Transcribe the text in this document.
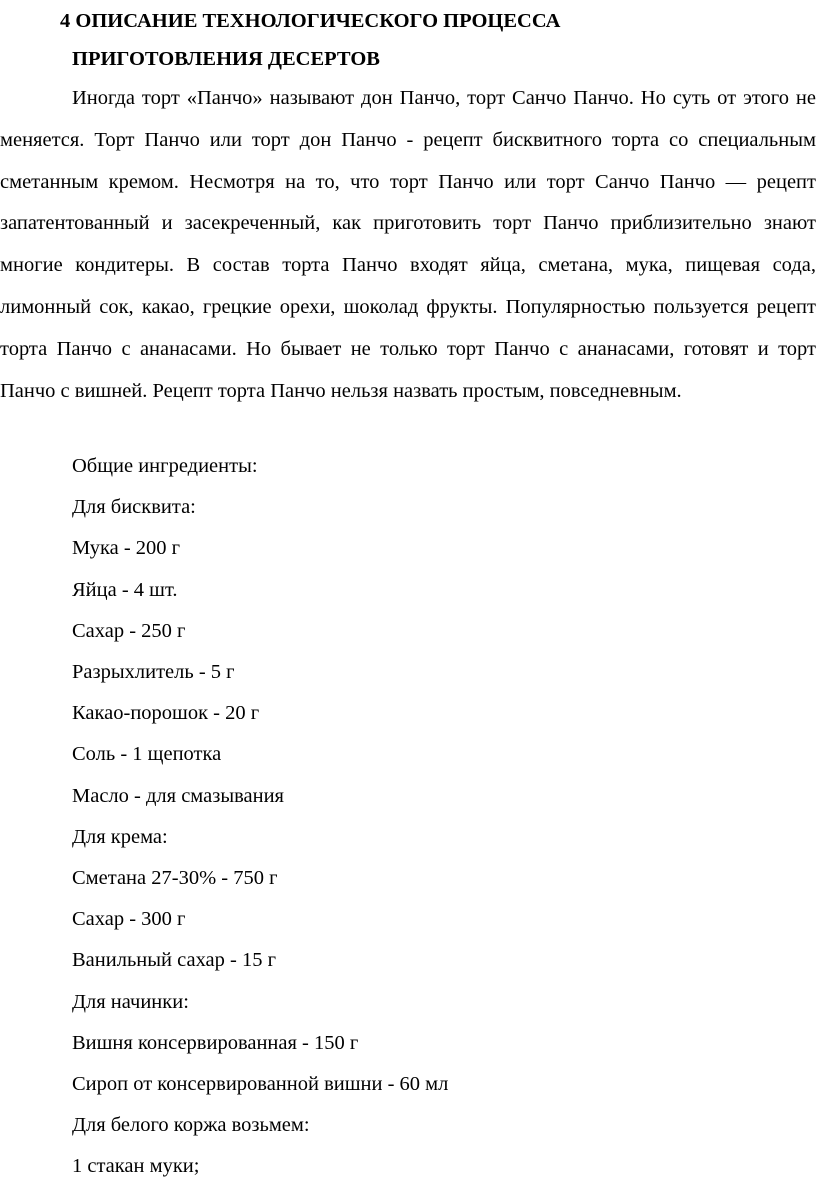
4 ОПИСАНИЕ ТЕХНОЛОГИЧЕСКОГО ПРОЦЕССА
ПРИГОТОВЛЕНИЯ ДЕСЕРТОВ

Иногда торт «Панчо» называют дон Панчо, торт Санчо Панчо. Но суть от этого не меняется. Торт Панчо или торт дон Панчо - рецепт бисквитного торта со специальным сметанным кремом. Несмотря на то, что торт Панчо или торт Санчо Панчо — рецепт запатентованный и засекреченный, как приготовить торт Панчо приблизительно знают многие кондитеры. В состав торта Панчо входят яйца, сметана, мука, пищевая сода, лимонный сок, какао, грецкие орехи, шоколад фрукты. Популярностью пользуется рецепт торта Панчо с ананасами. Но бывает не только торт Панчо с ананасами, готовят и торт Панчо с вишней. Рецепт торта Панчо нельзя назвать простым, повседневным.

Общие ингредиенты:
Для бисквита:
Мука - 200 г
Яйца - 4 шт.
Сахар - 250 г
Разрыхлитель - 5 г
Какао-порошок - 20 г
Соль - 1 щепотка
Масло - для смазывания
Для крема:
Сметана 27-30% - 750 г
Сахар - 300 г
Ванильный сахар - 15 г
Для начинки:
Вишня консервированная - 150 г
Сироп от консервированной вишни - 60 мл
Для белого коржа возьмем:
1 стакан муки;
